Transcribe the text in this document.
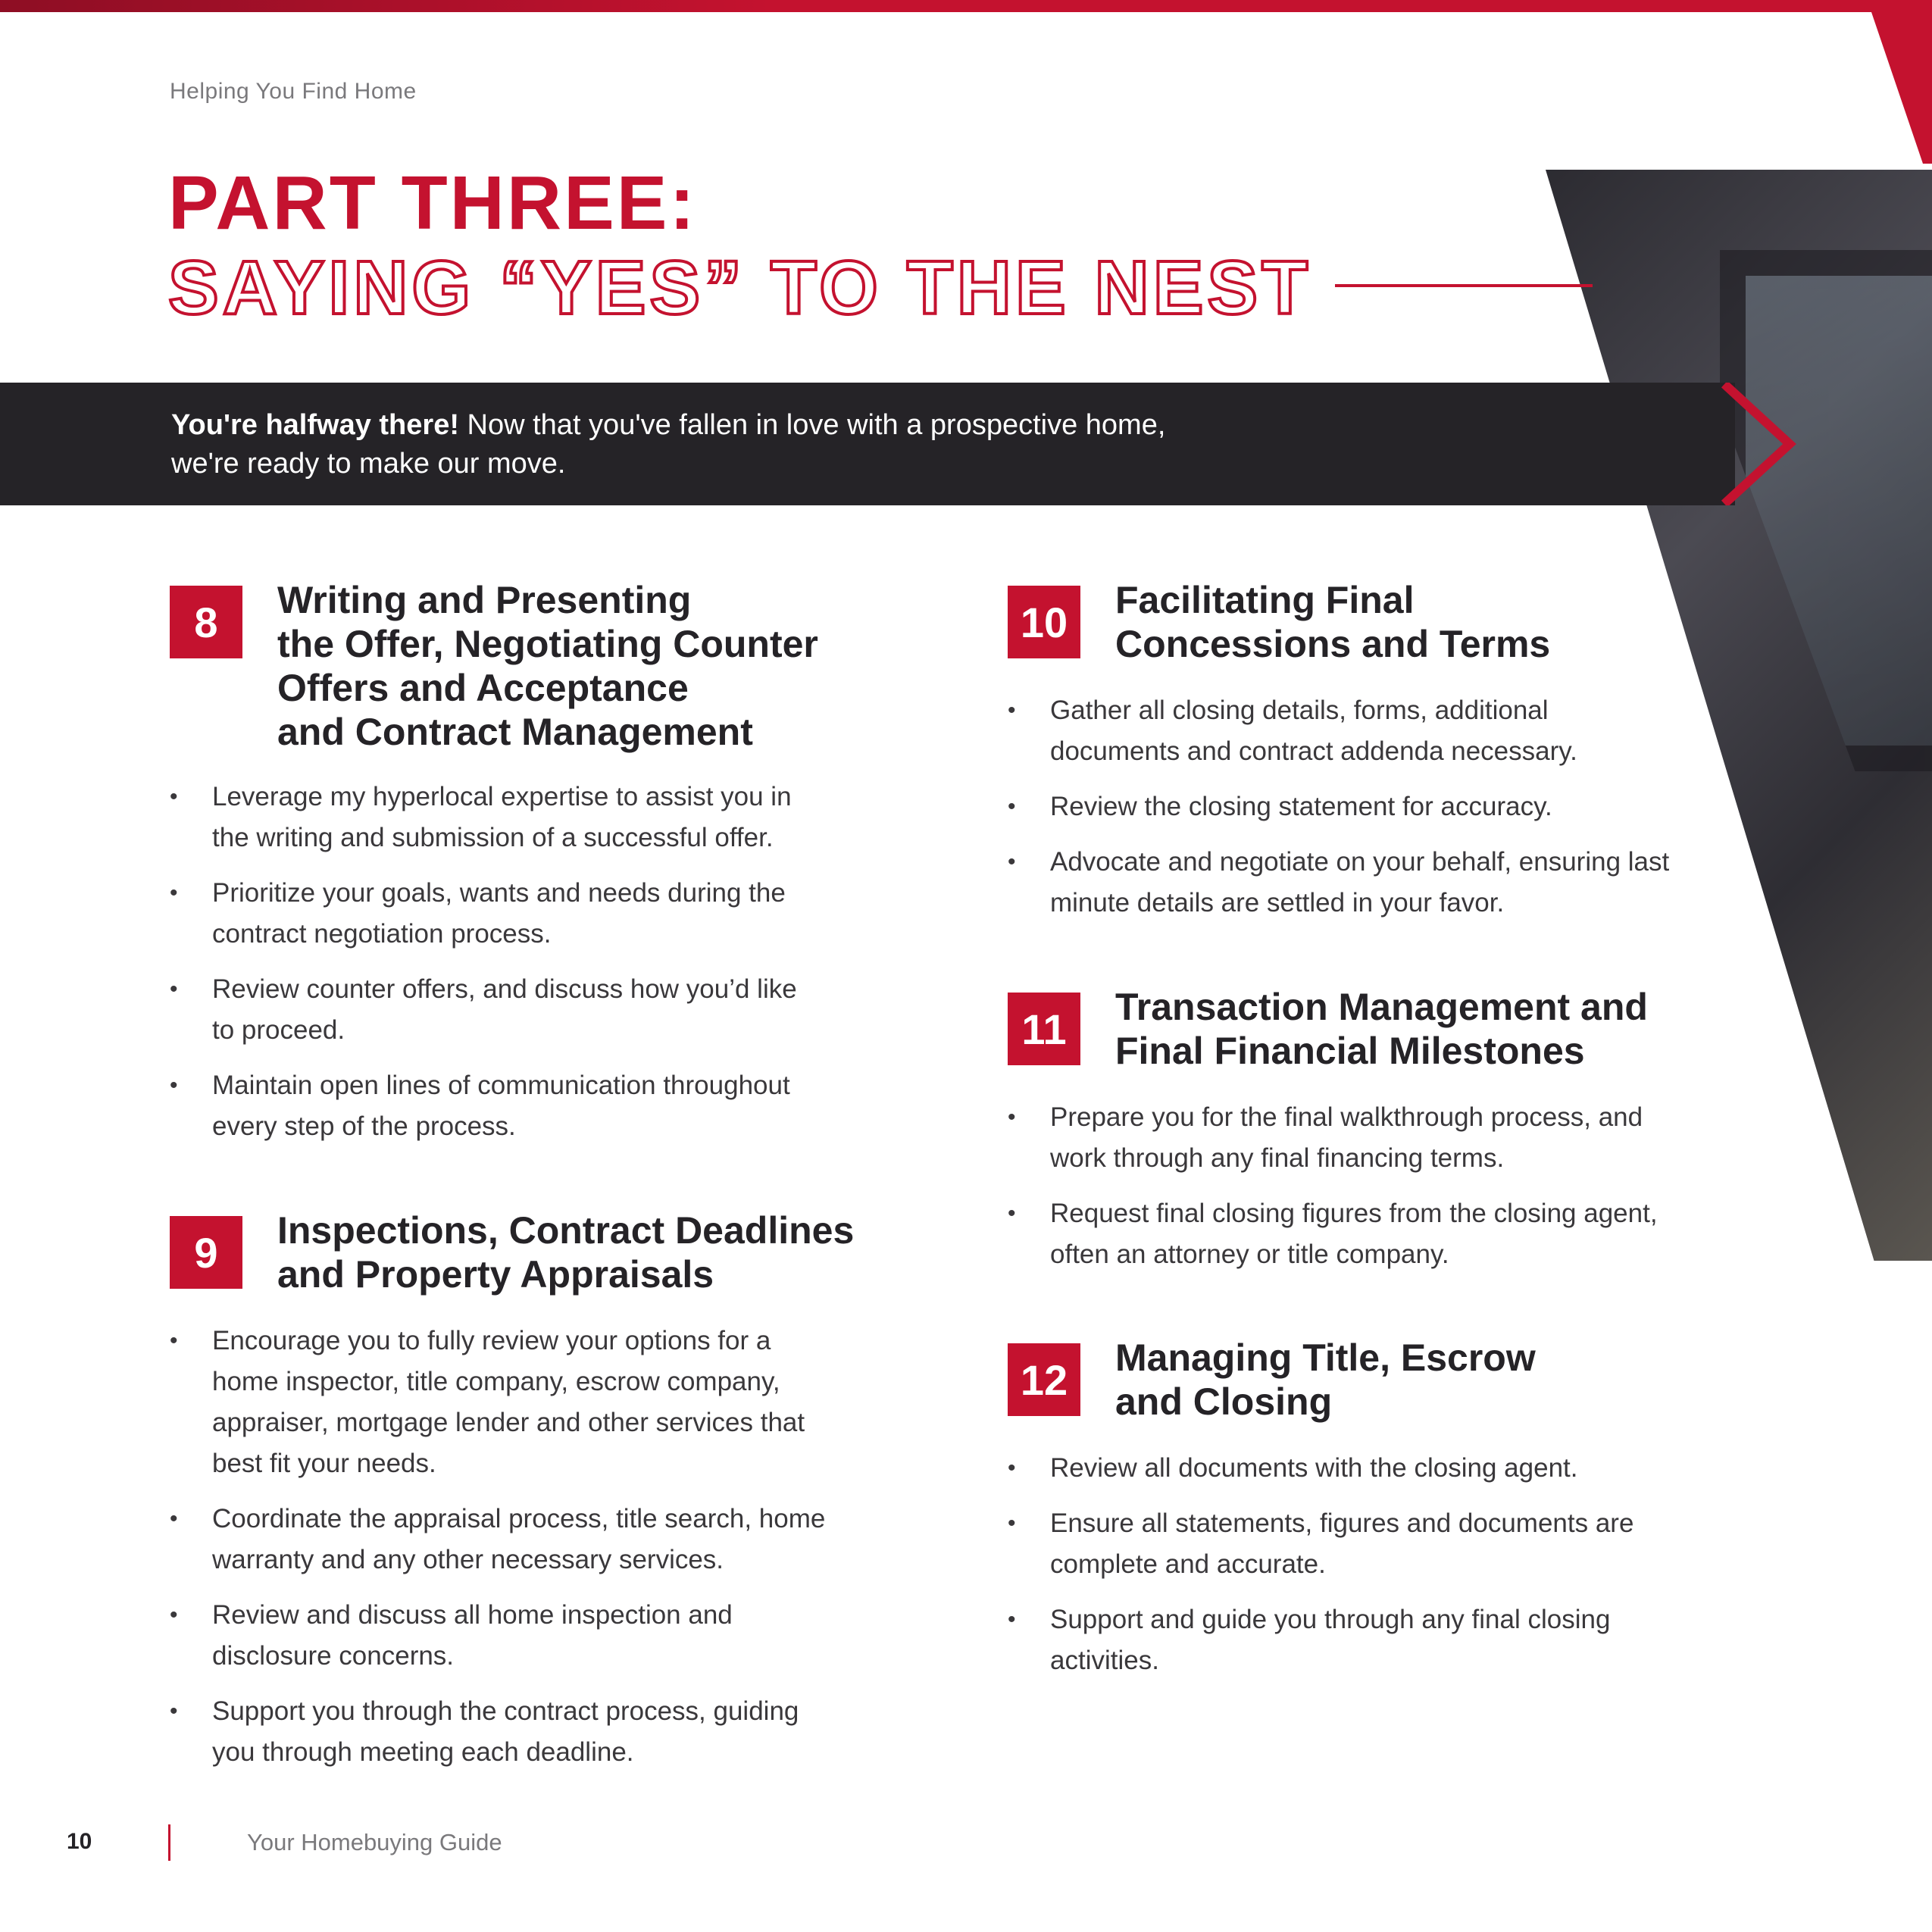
Helping You Find Home
PART THREE:
SAYING “YES” TO THE NEST
You're halfway there! Now that you've fallen in love with a prospective home,
we're ready to make our move.
8	Writing and Presenting
the Offer, Negotiating Counter
Offers and Acceptance
and Contract Management
• Leverage my hyperlocal expertise to assist you in
the writing and submission of a successful offer.
• Prioritize your goals, wants and needs during the
contract negotiation process.
• Review counter offers, and discuss how you’d like
to proceed.
• Maintain open lines of communication throughout
every step of the process.
9	Inspections, Contract Deadlines
and Property Appraisals
• Encourage you to fully review your options for a
home inspector, title company, escrow company,
appraiser, mortgage lender and other services that
best fit your needs.
• Coordinate the appraisal process, title search, home
warranty and any other necessary services.
• Review and discuss all home inspection and
disclosure concerns.
• Support you through the contract process, guiding
you through meeting each deadline.
10	Facilitating Final
Concessions and Terms
• Gather all closing details, forms, additional
documents and contract addenda necessary.
• Review the closing statement for accuracy.
• Advocate and negotiate on your behalf, ensuring last
minute details are settled in your favor.
11	Transaction Management and
Final Financial Milestones
• Prepare you for the final walkthrough process, and
work through any final financing terms.
• Request final closing figures from the closing agent,
often an attorney or title company.
12	Managing Title, Escrow
and Closing
• Review all documents with the closing agent.
• Ensure all statements, figures and documents are
complete and accurate.
• Support and guide you through any final closing
activities.
10	Your Homebuying Guide
